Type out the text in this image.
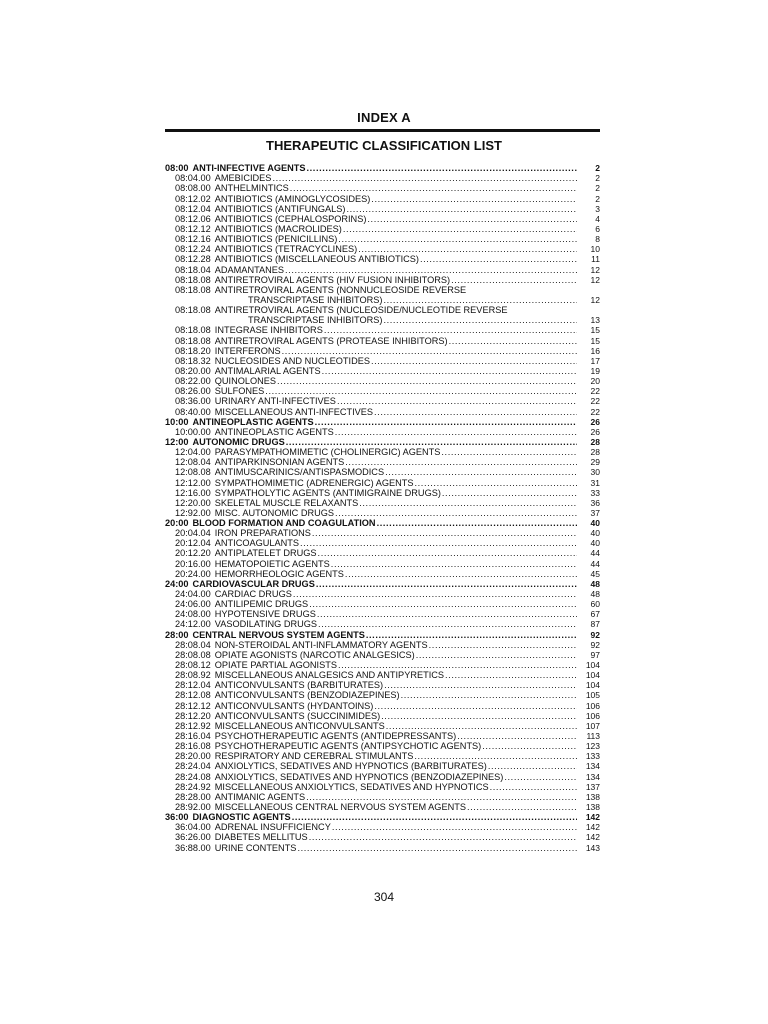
INDEX A
THERAPEUTIC CLASSIFICATION LIST
08:00 ANTI-INFECTIVE AGENTS .....	2
08:04.00 AMEBICIDES .....	2
08:08.00 ANTHELMINTICS .....	2
08:12.02 ANTIBIOTICS (AMINOGLYCOSIDES) .....	2
08:12.04 ANTIBIOTICS (ANTIFUNGALS) .....	3
08:12.06 ANTIBIOTICS (CEPHALOSPORINS) .....	4
08:12.12 ANTIBIOTICS (MACROLIDES) .....	6
08:12.16 ANTIBIOTICS (PENICILLINS) .....	8
08:12.24 ANTIBIOTICS (TETRACYCLINES) .....	10
08:12.28 ANTIBIOTICS (MISCELLANEOUS ANTIBIOTICS) .....	11
08:18.04 ADAMANTANES .....	12
08:18.08 ANTIRETROVIRAL AGENTS (HIV FUSION INHIBITORS) .....	12
08:18.08 ANTIRETROVIRAL AGENTS (NONNUCLEOSIDE REVERSE
TRANSCRIPTASE INHIBITORS) .....	12
08:18.08 ANTIRETROVIRAL AGENTS (NUCLEOSIDE/NUCLEOTIDE REVERSE
TRANSCRIPTASE INHIBITORS) .....	13
08:18.08 INTEGRASE INHIBITORS .....	15
08:18.08 ANTIRETROVIRAL AGENTS (PROTEASE INHIBITORS) .....	15
08:18.20 INTERFERONS .....	16
08:18.32 NUCLEOSIDES AND NUCLEOTIDES .....	17
08:20.00 ANTIMALARIAL AGENTS .....	19
08:22.00 QUINOLONES .....	20
08:26.00 SULFONES .....	22
08:36.00 URINARY ANTI-INFECTIVES .....	22
08:40.00 MISCELLANEOUS ANTI-INFECTIVES .....	22
10:00 ANTINEOPLASTIC AGENTS .....	26
10:00.00 ANTINEOPLASTIC AGENTS .....	26
12:00 AUTONOMIC DRUGS .....	28
12:04.00 PARASYMPATHOMIMETIC (CHOLINERGIC) AGENTS .....	28
12:08.04 ANTIPARKINSONIAN AGENTS .....	29
12:08.08 ANTIMUSCARINICS/ANTISPASMODICS .....	30
12:12.00 SYMPATHOMIMETIC (ADRENERGIC) AGENTS .....	31
12:16.00 SYMPATHOLYTIC AGENTS (ANTIMIGRAINE DRUGS) .....	33
12:20.00 SKELETAL MUSCLE RELAXANTS .....	36
12:92.00 MISC. AUTONOMIC DRUGS .....	37
20:00 BLOOD FORMATION AND COAGULATION .....	40
20:04.04 IRON PREPARATIONS .....	40
20:12.04 ANTICOAGULANTS .....	40
20:12.20 ANTIPLATELET DRUGS .....	44
20:16.00 HEMATOPOIETIC AGENTS .....	44
20:24.00 HEMORRHEOLOGIC AGENTS .....	45
24:00 CARDIOVASCULAR DRUGS .....	48
24:04.00 CARDIAC DRUGS .....	48
24:06.00 ANTILIPEMIC DRUGS .....	60
24:08.00 HYPOTENSIVE DRUGS .....	67
24:12.00 VASODILATING DRUGS .....	87
28:00 CENTRAL NERVOUS SYSTEM AGENTS .....	92
28:08.04 NON-STEROIDAL ANTI-INFLAMMATORY AGENTS .....	92
28:08.08 OPIATE AGONISTS (NARCOTIC ANALGESICS) .....	97
28:08.12 OPIATE PARTIAL AGONISTS .....	104
28:08.92 MISCELLANEOUS ANALGESICS AND ANTIPYRETICS .....	104
28:12.04 ANTICONVULSANTS (BARBITURATES) .....	104
28:12.08 ANTICONVULSANTS (BENZODIAZEPINES) .....	105
28:12.12 ANTICONVULSANTS (HYDANTOINS) .....	106
28:12.20 ANTICONVULSANTS (SUCCINIMIDES) .....	106
28:12.92 MISCELLANEOUS ANTICONVULSANTS .....	107
28:16.04 PSYCHOTHERAPEUTIC AGENTS (ANTIDEPRESSANTS) .....	113
28:16.08 PSYCHOTHERAPEUTIC AGENTS (ANTIPSYCHOTIC AGENTS) .....	123
28:20.00 RESPIRATORY AND CEREBRAL STIMULANTS .....	133
28:24.04 ANXIOLYTICS, SEDATIVES AND HYPNOTICS (BARBITURATES) .....	134
28:24.08 ANXIOLYTICS, SEDATIVES AND HYPNOTICS (BENZODIAZEPINES) .....	134
28:24.92 MISCELLANEOUS ANXIOLYTICS, SEDATIVES AND HYPNOTICS .....	137
28:28.00 ANTIMANIC AGENTS .....	138
28:92.00 MISCELLANEOUS CENTRAL NERVOUS SYSTEM AGENTS .....	138
36:00 DIAGNOSTIC AGENTS .....	142
36:04.00 ADRENAL INSUFFICIENCY .....	142
36:26.00 DIABETES MELLITUS .....	142
36:88.00 URINE CONTENTS .....	143
304
